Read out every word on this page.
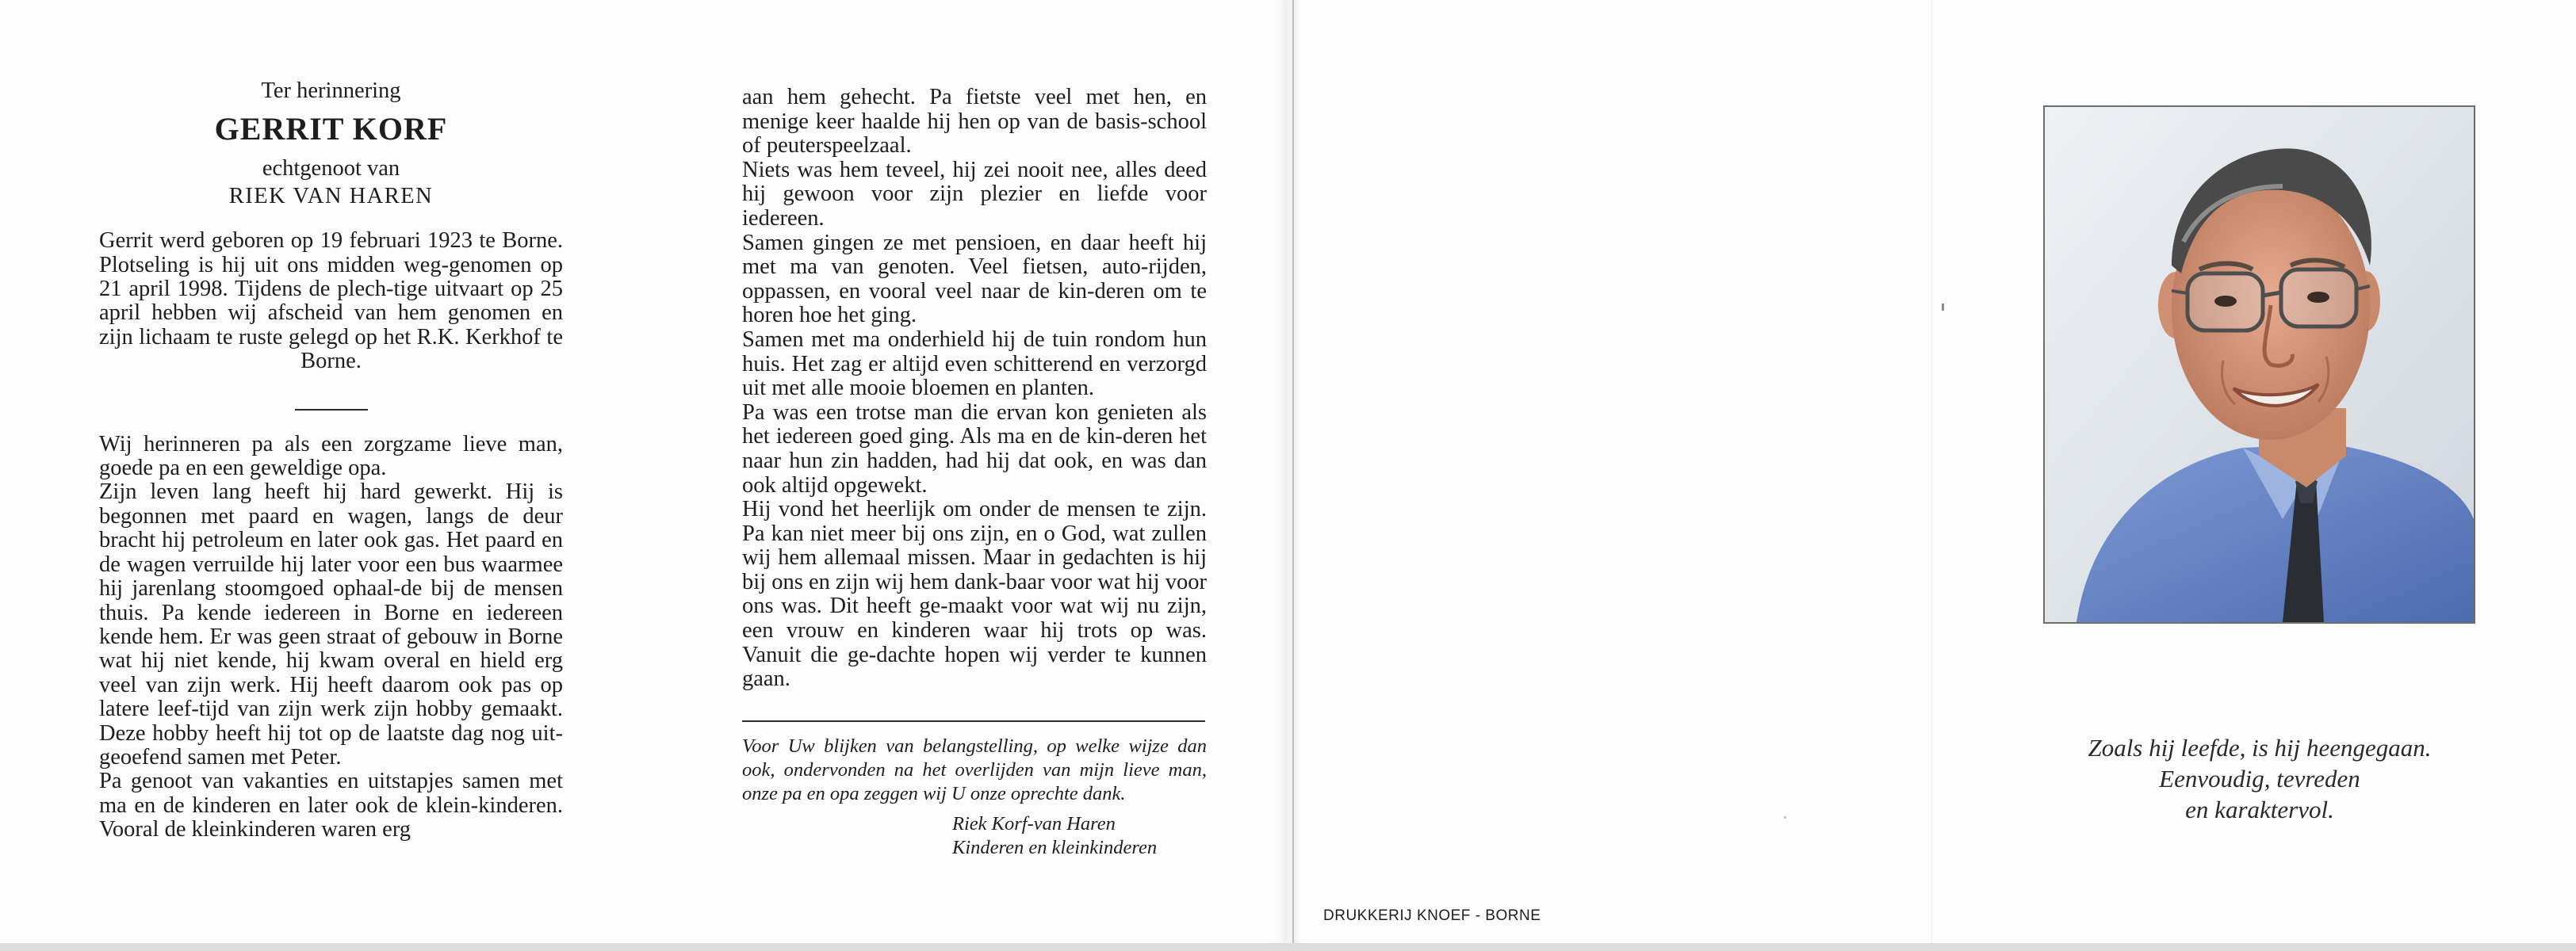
Ter herinnering

GERRIT KORF

echtgenoot van

RIEK VAN HAREN

Gerrit werd geboren op 19 februari 1923 te Borne. Plotseling is hij uit ons midden weg-genomen op 21 april 1998. Tijdens de plech-tige uitvaart op 25 april hebben wij afscheid van hem genomen en zijn lichaam te ruste gelegd op het R.K. Kerkhof te Borne.

Wij herinneren pa als een zorgzame lieve man, goede pa en een geweldige opa.

Zijn leven lang heeft hij hard gewerkt. Hij is begonnen met paard en wagen, langs de deur bracht hij petroleum en later ook gas. Het paard en de wagen verruilde hij later voor een bus waarmee hij jarenlang stoomgoed ophaal-de bij de mensen thuis. Pa kende iedereen in Borne en iedereen kende hem. Er was geen straat of gebouw in Borne wat hij niet kende, hij kwam overal en hield erg veel van zijn werk. Hij heeft daarom ook pas op latere leef-tijd van zijn werk zijn hobby gemaakt. Deze hobby heeft hij tot op de laatste dag nog uit-geoefend samen met Peter.

Pa genoot van vakanties en uitstapjes samen met ma en de kinderen en later ook de klein-kinderen. Vooral de kleinkinderen waren erg

aan hem gehecht. Pa fietste veel met hen, en menige keer haalde hij hen op van de basis-school of peuterspeelzaal.

Niets was hem teveel, hij zei nooit nee, alles deed hij gewoon voor zijn plezier en liefde voor iedereen.

Samen gingen ze met pensioen, en daar heeft hij met ma van genoten. Veel fietsen, auto-rijden, oppassen, en vooral veel naar de kin-deren om te horen hoe het ging.

Samen met ma onderhield hij de tuin rondom hun huis. Het zag er altijd even schitterend en verzorgd uit met alle mooie bloemen en planten.

Pa was een trotse man die ervan kon genieten als het iedereen goed ging. Als ma en de kin-deren het naar hun zin hadden, had hij dat ook, en was dan ook altijd opgewekt.

Hij vond het heerlijk om onder de mensen te zijn. Pa kan niet meer bij ons zijn, en o God, wat zullen wij hem allemaal missen. Maar in gedachten is hij bij ons en zijn wij hem dank-baar voor wat hij voor ons was. Dit heeft ge-maakt voor wat wij nu zijn, een vrouw en kinderen waar hij trots op was. Vanuit die ge-dachte hopen wij verder te kunnen gaan.

Voor Uw blijken van belangstelling, op welke wijze dan ook, ondervonden na het overlijden van mijn lieve man, onze pa en opa zeggen wij U onze oprechte dank.

Riek Korf-van Haren
Kinderen en kleinkinderen
Zoals hij leefde, is hij heengegaan.
Eenvoudig, tevreden
en karaktervol.
DRUKKERIJ KNOEF - BORNE
